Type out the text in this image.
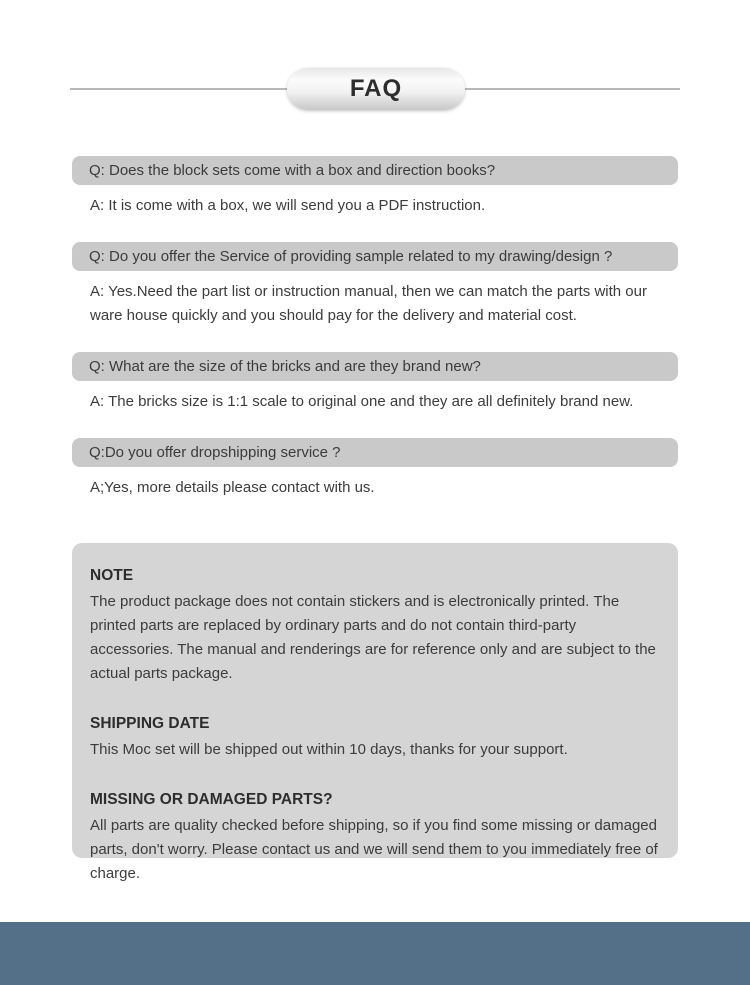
FAQ
Q: Does the block sets come with a box and direction books?
A: It is come with a box, we will send you a PDF instruction.
Q: Do you offer the Service of providing sample related to my drawing/design ?
A: Yes.Need the part list or instruction manual, then we can match the parts with our ware house quickly and you should pay for the delivery and material cost.
Q: What are the size of the bricks and are they brand new?
A: The bricks size is 1:1 scale to original one and they are all definitely brand new.
Q:Do you offer dropshipping service ?
A;Yes, more details please contact with us.

NOTE

The product package does not contain stickers and is electronically printed. The printed parts are replaced by ordinary parts and do not contain third-party accessories. The manual and renderings are for reference only and are subject to the actual parts package.

SHIPPING DATE

This Moc set will be shipped out within 10 days, thanks for your support.

MISSING OR DAMAGED PARTS?

All parts are quality checked before shipping, so if you find some missing or damaged parts, don't worry. Please contact us and we will send them to you immediately free of charge.
